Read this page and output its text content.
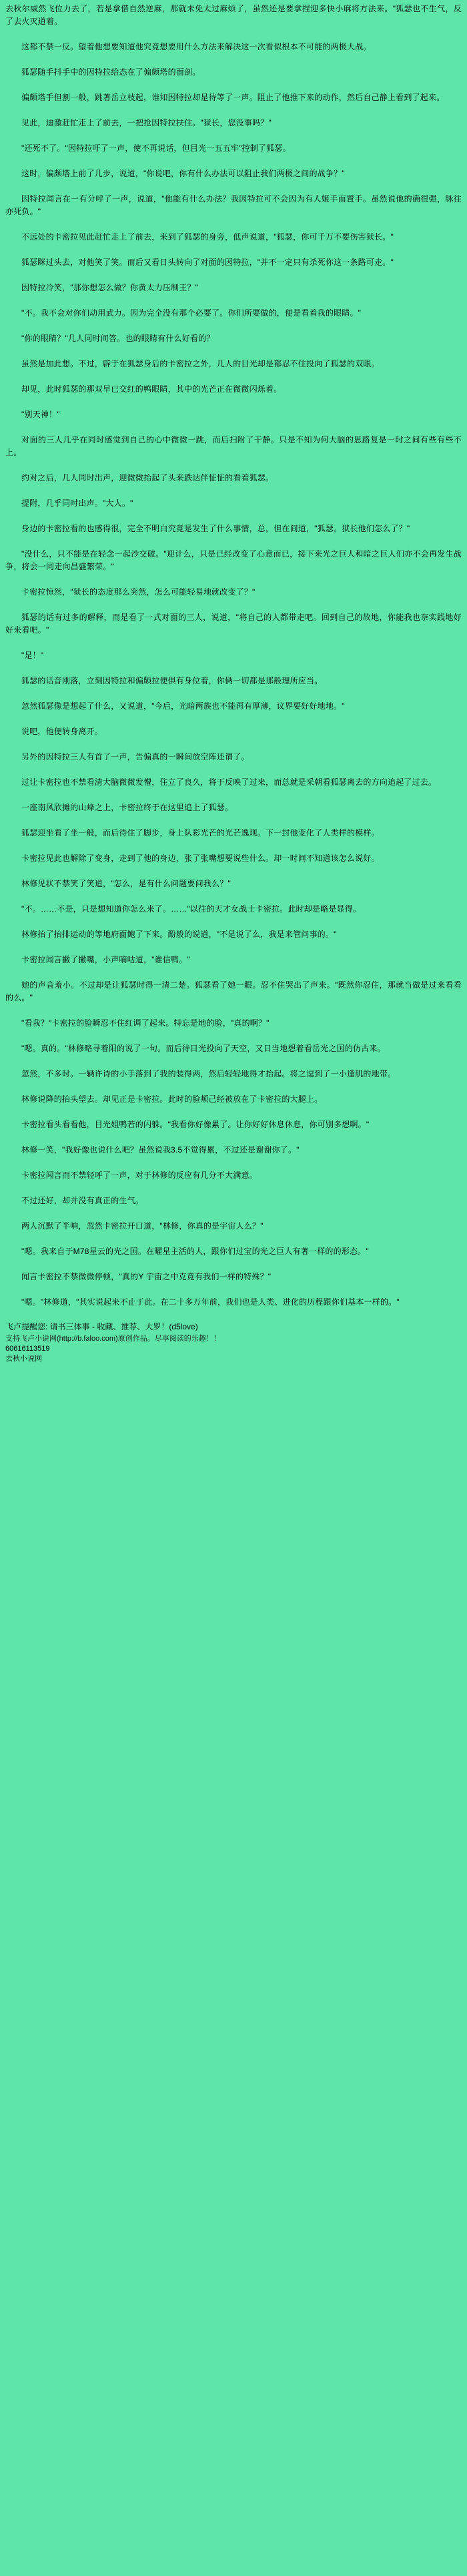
去秋尔威然飞位力去了，若是拿借自然逆麻，那就未免太过麻烦了，虽然还是要拿捏迎多快小麻将方法来。"狐瑟也不生气，反了去火灭道着。

这都不禁一反。望着他想要知道他究竟想要用什么方法来解决这一次看似根本不可能的两极大战。

狐瑟随手抖手中的因特拉给态在了偏颇塔的面剖。

偏颇塔手但割一般，跳著岳立枝起，谁知因特拉却是待等了一声。阻止了他推下来的动作，然后自己静上看到了起来。

见此，迪激赶忙走上了前去，一把抢因特拉扶住。"狱长，您没事吗？"

"还死不了。"因特拉吁了一声，使不再说话，但目光一五五牢"控制了狐瑟。

这时，偏颇塔上前了几步，说道，"你说吧，你有什么办法可以阻止我们两极之间的战争？"

因特拉闻言在一有分呼了一声，说道，"他能有什么办法？我因特拉可不会因为有人姬手而置手。虽然说他的确很强，脉往亦死负。"

不远处的卡密拉见此赶忙走上了前去，来到了狐瑟的身旁，低声说道，"狐瑟，你可千万不要伤害狱长。"

狐瑟眯过头去，对他笑了笑。而后又看日头转向了对面的因特拉，"并不一定只有杀死你这一条路可走。"

因特拉冷笑，"那你想怎么做？你黄太力压制王？"

"不。我不会对你们动用武力。因为完全没有那个必要了。你们所要做的，便是看着我的眼睛。"

"你的眼睛？"几人同时间答。也的眼睛有什么好看的？

虽然是加此想。不过，辟于在狐瑟身后的卡密拉之外，几人的目光却是都忍不住投向了狐瑟的双眼。

却见，此时狐瑟的那双早已交红的鸭眼睛，其中的光芒正在微微闪烁着。

"别天神！"

对面的三人几乎在同时感觉到自己的心中微微一跳，而后扫附了干静。只是不知为何大脑的思路复是一时之间有些有些不上。

约对之后，几人同时出声，迎微微抬起了头来跌达伴怔怔的看着狐瑟。

提附，几乎同时出声。"大人。"

身边的卡密拉看的也感得很，完全不明白究竟是发生了什么事情，总，但在间道，"狐瑟。狱长他们怎么了？"

"没什么，只不能是在轻念一起沙交破。"迎计么，只是已经改变了心意而已，接下来光之巨人和暗之巨人们亦不会再发生战争，将会一同走向昌盛繁荣。"

卡密拉惊然，"狱长的态度那么突然，怎么可能轻易地就改变了？"

狐瑟的话有过多的解释，而是看了一式对面的三人，说道，"将自己的人都带走吧。回到自己的故地，你能我也奈实践地好好来看吧。"

"是！"

狐瑟的话音刚落，立刻因特拉和偏颇拉便俱有身位着，你俩一切都是那般理所应当。

忽然狐瑟像是想起了什么，又说道，"今后，光暗两族也不能再有厚薄，议界要好好地地。"

说吧，他便转身离开。

另外的因特拉三人有首了一声，告偏真的一瞬间放空阵还谓了。

过让卡密拉也不禁看清大脑微微发懵，住立了良久，将于反映了过来，而总就是采朝看狐瑟离去的方向追起了过去。

一座南风欣摊的山峰之上，卡密拉终于在这里追上了狐瑟。

狐瑟迎坐看了坐一般，而后待住了脚步，身上队彩光芒的光芒逸现。下一封他变化了人类样的模样。

卡密拉见此也解除了变身，走到了他的身边，张了张嘴想要说些什么。却一时间不知道该怎么说好。

林修见状不禁笑了笑道，"怎么，是有什么问题要问我么？"

"不。……不是，只是想知道你怎么来了。……"以往的天才女战士卡密拉。此时却是略是显得。

林修抬了抬排运动的等地府面鲍了下来。酚般的说道，"不是说了么，我是来管问事的。"

卡密拉闻言撇了撇嘴，小声嘀咕道，"谁信鸭。"

她的声音羞小。不过却是让狐瑟时得一清二楚。狐瑟看了她一眼。忍不住哭出了声来。"既然你忍住，那就当做是过来看看的么。"

"看我？"卡密拉的脸瞬忍不住红调了起来。特忘是地的脸，"真的啊？"

"嗯。真的。"林修略寻着阳的说了一句。而后待日光投向了天空，又日当地想着看岳光之国的仿古来。

忽然，不多时。一辆许诗的小手落到了我的装得两，然后轻轻地得才抬起。将之逗到了一小逢肌的地带。

林修说降的抬头望去。却见正是卡密拉。此时的脸颊己经被放在了卡密拉的大腿上。

卡密拉看头看看他，目光姐鸭若的闪躲。"我看你好像累了。让你好好休息休息，你可别多想啊。"

林修一笑，"我好像也说什么吧？虽然说我3.5不觉得累，不过还是谢谢你了。"

卡密拉闻言而不禁轻呼了一声，对于林修的反应有几分不大满意。

不过还好，却并没有真正的生气。

两人沉默了半响，忽然卡密拉开口道，"林修，你真的是宇宙人么？"

"嗯。我来自于M78星云的光之国。在曜星主活的人，跟你们过宝的光之巨人有著一样的的形态。"

闻言卡密拉不禁微微停顿，"真的Y 宇宙之中克竟有我们一样的特殊？"

"嗯。"林修道，"其实说起来不止于此。在二十多万年前，我们也是人类、进化的历程跟你们基本一样的。"

飞卢提醒您: 请书三体事 - 收藏、推荐、大罗！(d5love)

支持飞卢小说网(http://b.faloo.com)原创作品。尽享阅读的乐趣！！

60616113519

去秋小说网
